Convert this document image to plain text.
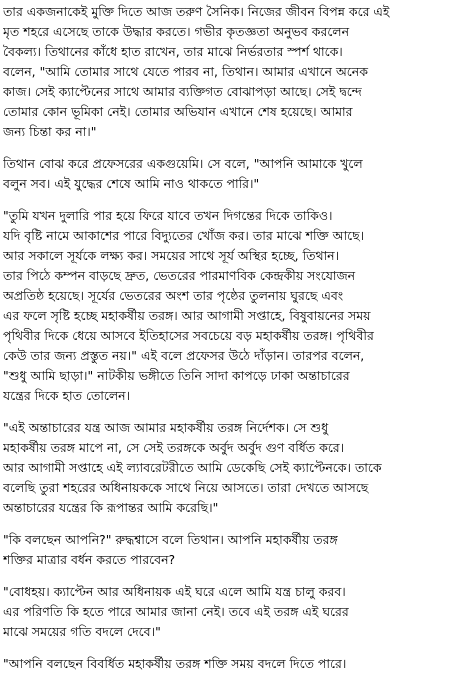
তার একজনাকেই মুক্তি দিতে আজ তরুণ সৈনিক। নিজের জীবন বিপন্ন করে এই
মৃত শহরে এসেছে তাকে উদ্ধার করতে। গভীর কৃতজ্ঞতা অনুভব করলেন
বৈকল্য। তিথানের কাঁধে হাত রাখেন, তার মাঝে নির্ভরতার স্পর্শ থাকে।
বলেন, "আমি তোমার সাথে যেতে পারব না, তিথান। আমার এখানে অনেক
কাজ। সেই ক্যাপ্টেনের সাথে আমার ব্যক্তিগত বোঝাপড়া আছে। সেই দ্বন্দে
তোমার কোন ভূমিকা নেই। তোমার অভিযান এখানে শেষ হয়েছে। আমার
জন্য চিন্তা কর না।"
তিথান বোঝ করে প্রফেসরের একগুয়েমি। সে বলে, "আপনি আমাকে খুলে
বলুন সব। এই যুদ্ধের শেষে আমি নাও থাকতে পারি।"
"তুমি যখন দুলারি পার হয়ে ফিরে যাবে তখন দিগন্তের দিকে তাকিও।
যদি বৃষ্টি নামে আকাশের পারে বিদ্যুতের খোঁজ কর। তার মাঝে শক্তি আছে।
আর সকালে সূর্যকে লক্ষ্য কর। সময়ের সাথে সূর্য অস্থির হচ্ছে, তিথান।
তার পিঠে কম্পন বাড়ছে দ্রুত, ভেতরের পারমাণবিক কেন্দ্রকীয় সংযোজন
অপ্রতিষ্ঠ হয়েছে। সূর্যের ভেতরের অংশ তার পৃষ্ঠের তুলনায় ঘুরছে এবং
এর ফলে সৃষ্টি হচ্ছে মহাকর্ষীয় তরঙ্গ। আর আগামী সপ্তাহে, বিষুবায়নের সময়
পৃথিবীর দিকে ধেয়ে আসবে ইতিহাসের সবচেয়ে বড় মহাকর্ষীয় তরঙ্গ। পৃথিবীর
কেউ তার জন্য প্রস্তুত নয়।" এই বলে প্রফেসর উঠে দাঁড়ান। তারপর বলেন,
"শুধু আমি ছাড়া।" নাটকীয় ভঙ্গীতে তিনি সাদা কাপড়ে ঢাকা অন্তাচারের
যন্ত্রের দিকে হাত তোলেন।
"এই অন্তাচারের যন্ত্র আজ আমার মহাকর্ষীয় তরঙ্গ নির্দেশক। সে শুধু
মহাকর্ষীয় তরঙ্গ মাপে না, সে সেই তরঙ্গকে অর্বুদ অর্বুদ গুণ বর্ধিত করে।
আর আগামী সপ্তাহে এই ল্যাবরেটরীতে আমি ডেকেছি সেই ক্যাপ্টেনকে। তাকে
বলেছি তুরা শহরের অধিনায়ককে সাথে নিয়ে আসতে। তারা দেখতে আসছে
অন্তাচারের যন্ত্রের কি রূপান্তর আমি করেছি।"
"কি বলছেন আপনি?" রুদ্ধশ্বাসে বলে তিথান। আপনি মহাকর্ষীয় তরঙ্গ
শক্তির মাত্রার বর্ধন করতে পারবেন?
"বোধহয়। ক্যাপ্টেন আর অধিনায়ক এই ঘরে এলে আমি যন্ত্র চালু করব।
এর পরিণতি কি হতে পারে আমার জানা নেই। তবে এই তরঙ্গ এই ঘরের
মাঝে সময়ের গতি বদলে দেবে।"
"আপনি বলছেন বিবর্ধিত মহাকর্ষীয় তরঙ্গ শক্তি সময় বদলে দিতে পারে।
